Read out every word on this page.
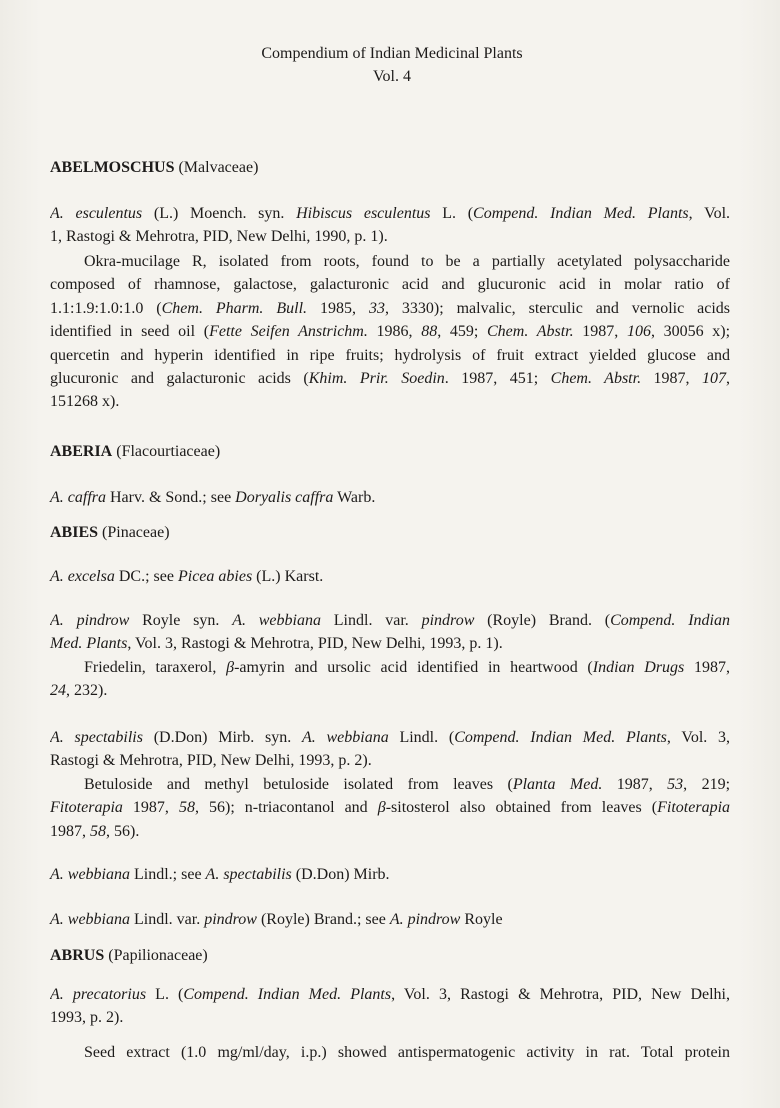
Compendium of Indian Medicinal Plants
Vol. 4
ABELMOSCHUS (Malvaceae)
A. esculentus (L.) Moench. syn. Hibiscus esculentus L. (Compend. Indian Med. Plants, Vol.
1, Rastogi & Mehrotra, PID, New Delhi, 1990, p. 1).
Okra-mucilage R, isolated from roots, found to be a partially acetylated polysaccharide
composed of rhamnose, galactose, galacturonic acid and glucuronic acid in molar ratio of
1.1:1.9:1.0:1.0 (Chem. Pharm. Bull. 1985, 33, 3330); malvalic, sterculic and vernolic acids
identified in seed oil (Fette Seifen Anstrichm. 1986, 88, 459; Chem. Abstr. 1987, 106, 30056 x);
quercetin and hyperin identified in ripe fruits; hydrolysis of fruit extract yielded glucose and
glucuronic and galacturonic acids (Khim. Prir. Soedin. 1987, 451; Chem. Abstr. 1987, 107,
151268 x).
ABERIA (Flacourtiaceae)
A. caffra Harv. & Sond.; see Doryalis caffra Warb.
ABIES (Pinaceae)
A. excelsa DC.; see Picea abies (L.) Karst.
A. pindrow Royle syn. A. webbiana Lindl. var. pindrow (Royle) Brand. (Compend. Indian
Med. Plants, Vol. 3, Rastogi & Mehrotra, PID, New Delhi, 1993, p. 1).
Friedelin, taraxerol, β-amyrin and ursolic acid identified in heartwood (Indian Drugs 1987,
24, 232).
A. spectabilis (D.Don) Mirb. syn. A. webbiana Lindl. (Compend. Indian Med. Plants, Vol. 3,
Rastogi & Mehrotra, PID, New Delhi, 1993, p. 2).
Betuloside and methyl betuloside isolated from leaves (Planta Med. 1987, 53, 219;
Fitoterapia 1987, 58, 56); n-triacontanol and β-sitosterol also obtained from leaves (Fitoterapia
1987, 58, 56).
A. webbiana Lindl.; see A. spectabilis (D.Don) Mirb.
A. webbiana Lindl. var. pindrow (Royle) Brand.; see A. pindrow Royle
ABRUS (Papilionaceae)
A. precatorius L. (Compend. Indian Med. Plants, Vol. 3, Rastogi & Mehrotra, PID, New Delhi,
1993, p. 2).
Seed extract (1.0 mg/ml/day, i.p.) showed antispermatogenic activity in rat. Total protein
